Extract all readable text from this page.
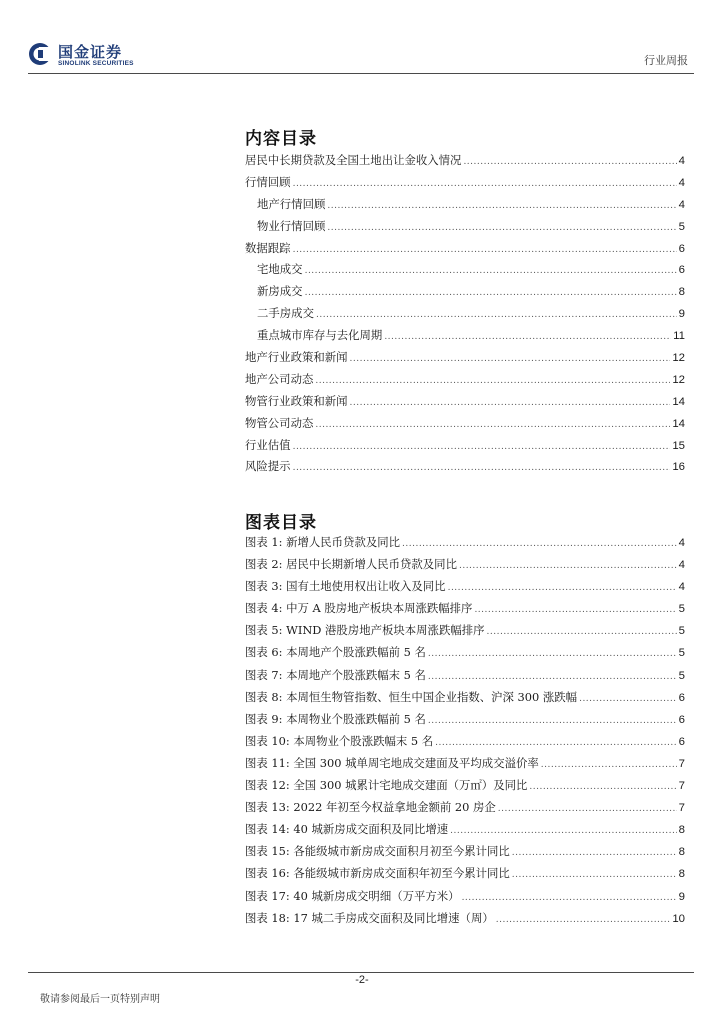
国金证券
SINOLINK SECURITIES	行业周报
内容目录
居民中长期贷款及全国土地出让金收入情况 .....	4
行情回顾 .....	4
地产行情回顾 .....	4
物业行情回顾 .....	5
数据跟踪 .....	6
宅地成交 .....	6
新房成交 .....	8
二手房成交 .....	9
重点城市库存与去化周期 .....	11
地产行业政策和新闻 .....	12
地产公司动态 .....	12
物管行业政策和新闻 .....	14
物管公司动态 .....	14
行业估值 .....	15
风险提示 .....	16
图表目录
图表 1: 新增人民币贷款及同比 .....	4
图表 2: 居民中长期新增人民币贷款及同比 .....	4
图表 3: 国有土地使用权出让收入及同比 .....	4
图表 4: 中万 A 股房地产板块本周涨跌幅排序 .....	5
图表 5: WIND 港股房地产板块本周涨跌幅排序 .....	5
图表 6: 本周地产个股涨跌幅前 5 名 .....	5
图表 7: 本周地产个股涨跌幅末 5 名 .....	5
图表 8: 本周恒生物管指数、恒生中国企业指数、沪深 300 涨跌幅 .....	6
图表 9: 本周物业个股涨跌幅前 5 名 .....	6
图表 10: 本周物业个股涨跌幅末 5 名 .....	6
图表 11: 全国 300 城单周宅地成交建面及平均成交溢价率 .....	7
图表 12: 全国 300 城累计宅地成交建面（万㎡）及同比 .....	7
图表 13: 2022 年初至今权益拿地金额前 20 房企 .....	7
图表 14: 40 城新房成交面积及同比增速 .....	8
图表 15: 各能级城市新房成交面积月初至今累计同比 .....	8
图表 16: 各能级城市新房成交面积年初至今累计同比 .....	8
图表 17: 40 城新房成交明细（万平方米） .....	9
图表 18: 17 城二手房成交面积及同比增速（周） .....	10
-2-
敬请参阅最后一页特别声明
